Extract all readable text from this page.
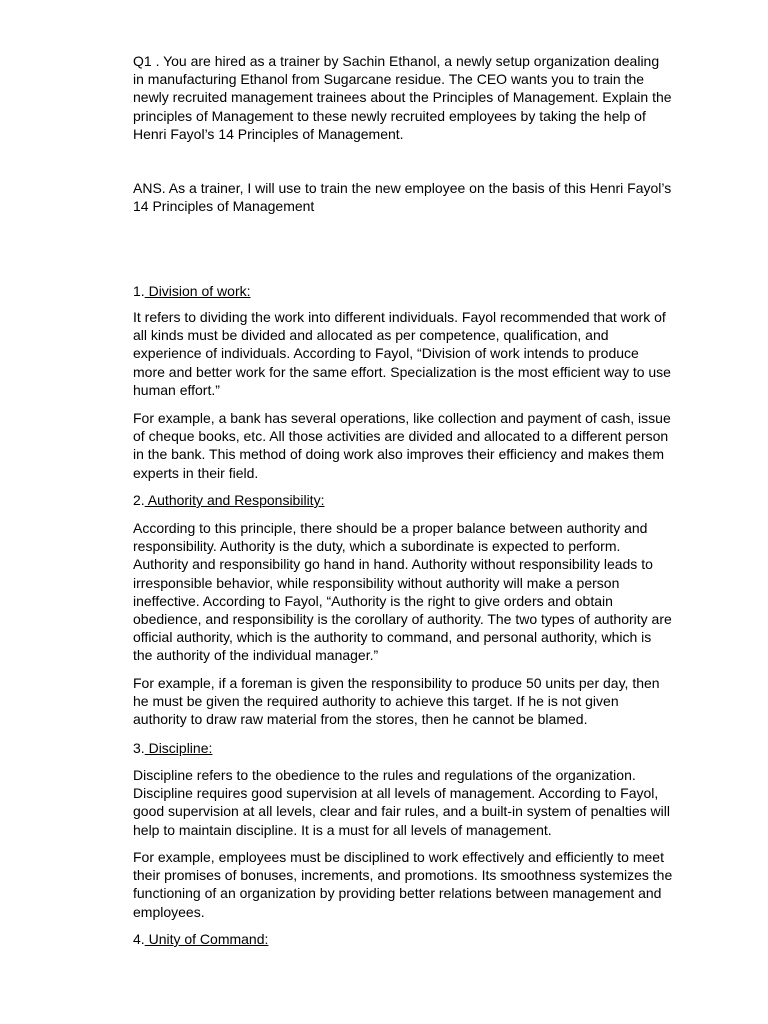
Q1 . You are hired as a trainer by Sachin Ethanol, a newly setup organization dealing in manufacturing Ethanol from Sugarcane residue. The CEO wants you to train the newly recruited management trainees about the Principles of Management. Explain the principles of Management to these newly recruited employees by taking the help of Henri Fayol’s 14 Principles of Management.

ANS. As a trainer, I will use to train the new employee on the basis of this Henri Fayol’s 14 Principles of Management

1. Division of work:

It refers to dividing the work into different individuals. Fayol recommended that work of all kinds must be divided and allocated as per competence, qualification, and experience of individuals. According to Fayol, “Division of work intends to produce more and better work for the same effort. Specialization is the most efficient way to use human effort.”

For example, a bank has several operations, like collection and payment of cash, issue of cheque books, etc. All those activities are divided and allocated to a different person in the bank. This method of doing work also improves their efficiency and makes them experts in their field.

2. Authority and Responsibility:

According to this principle, there should be a proper balance between authority and responsibility. Authority is the duty, which a subordinate is expected to perform. Authority and responsibility go hand in hand. Authority without responsibility leads to irresponsible behavior, while responsibility without authority will make a person ineffective. According to Fayol, “Authority is the right to give orders and obtain obedience, and responsibility is the corollary of authority. The two types of authority are official authority, which is the authority to command, and personal authority, which is the authority of the individual manager.”

For example, if a foreman is given the responsibility to produce 50 units per day, then he must be given the required authority to achieve this target. If he is not given authority to draw raw material from the stores, then he cannot be blamed.

3. Discipline:

Discipline refers to the obedience to the rules and regulations of the organization. Discipline requires good supervision at all levels of management. According to Fayol, good supervision at all levels, clear and fair rules, and a built-in system of penalties will help to maintain discipline. It is a must for all levels of management.

For example, employees must be disciplined to work effectively and efficiently to meet their promises of bonuses, increments, and promotions. Its smoothness systemizes the functioning of an organization by providing better relations between management and employees.

4. Unity of Command:
